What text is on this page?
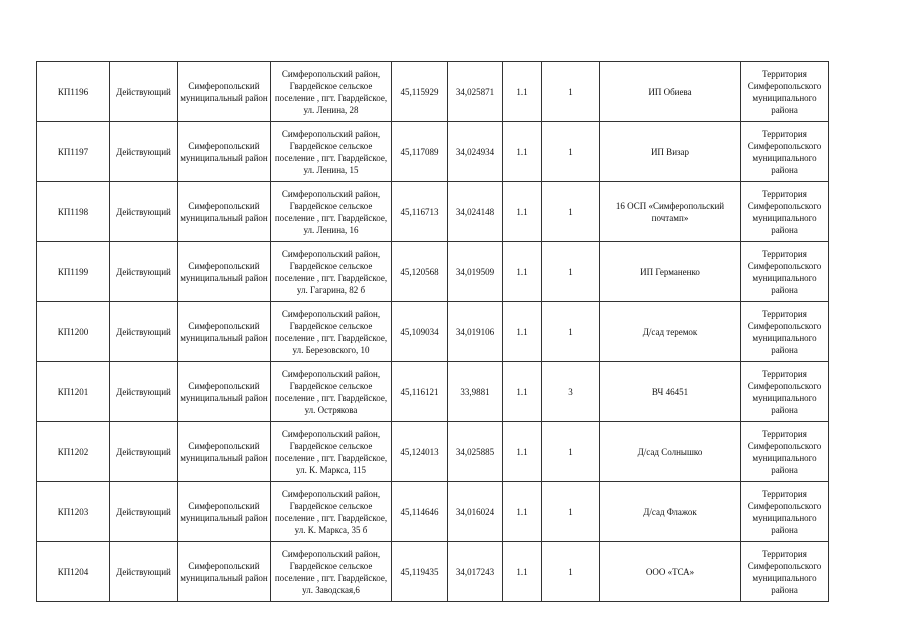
КП1196	Действующий	Симферопольский муниципальный район	Симферопольский район, Гвардейское сельское поселение , пгт. Гвардейское, ул. Ленина, 28	45,115929	34,025871	1.1	1	ИП Обиева	Территория Симферопольского муниципального района
КП1197	Действующий	Симферопольский муниципальный район	Симферопольский район, Гвардейское сельское поселение , пгт. Гвардейское, ул. Ленина, 15	45,117089	34,024934	1.1	1	ИП Визар	Территория Симферопольского муниципального района
КП1198	Действующий	Симферопольский муниципальный район	Симферопольский район, Гвардейское сельское поселение , пгт. Гвардейское, ул. Ленина, 16	45,116713	34,024148	1.1	1	16 ОСП «Симферопольский почтамп»	Территория Симферопольского муниципального района
КП1199	Действующий	Симферопольский муниципальный район	Симферопольский район, Гвардейское сельское поселение , пгт. Гвардейское, ул. Гагарина, 82 б	45,120568	34,019509	1.1	1	ИП Германенко	Территория Симферопольского муниципального района
КП1200	Действующий	Симферопольский муниципальный район	Симферопольский район, Гвардейское сельское поселение , пгт. Гвардейское, ул. Березовского, 10	45,109034	34,019106	1.1	1	Д/сад теремок	Территория Симферопольского муниципального района
КП1201	Действующий	Симферопольский муниципальный район	Симферопольский район, Гвардейское сельское поселение , пгт. Гвардейское, ул. Острякова	45,116121	33,9881	1.1	3	ВЧ 46451	Территория Симферопольского муниципального района
КП1202	Действующий	Симферопольский муниципальный район	Симферопольский район, Гвардейское сельское поселение , пгт. Гвардейское, ул. К. Маркса, 115	45,124013	34,025885	1.1	1	Д/сад Солнышко	Территория Симферопольского муниципального района
КП1203	Действующий	Симферопольский муниципальный район	Симферопольский район, Гвардейское сельское поселение , пгт. Гвардейское, ул. К. Маркса, 35 б	45,114646	34,016024	1.1	1	Д/сад Флажок	Территория Симферопольского муниципального района
КП1204	Действующий	Симферопольский муниципальный район	Симферопольский район, Гвардейское сельское поселение , пгт. Гвардейское, ул. Заводская,6	45,119435	34,017243	1.1	1	ООО «ТСА»	Территория Симферопольского муниципального района
